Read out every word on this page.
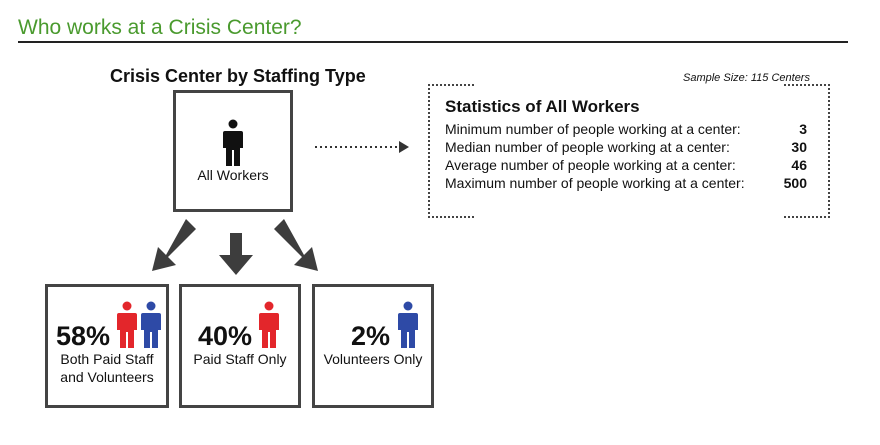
Who works at a Crisis Center?
Crisis Center by Staffing Type
All Workers
Sample Size: 115 Centers
Statistics of All Workers
Minimum number of people working at a center:	3
Median number of people working at a center:	30
Average number of people working at a center:	46
Maximum number of people working at a center:	500
58%
Both Paid Staff
and Volunteers
40%
Paid Staff Only
2%
Volunteers Only
